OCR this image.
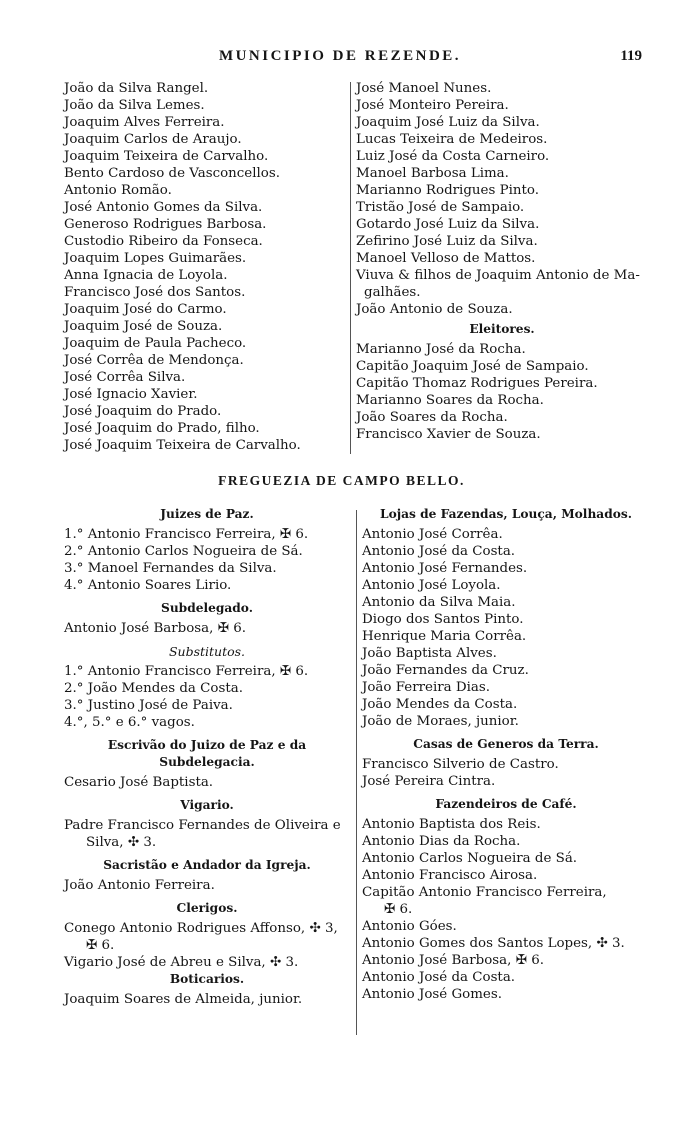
MUNICIPIO DE REZENDE.	119
João da Silva Rangel.
João da Silva Lemes.
Joaquim Alves Ferreira.
Joaquim Carlos de Araujo.
Joaquim Teixeira de Carvalho.
Bento Cardoso de Vasconcellos.
Antonio Romão.
José Antonio Gomes da Silva.
Generoso Rodrigues Barbosa.
Custodio Ribeiro da Fonseca.
Joaquim Lopes Guimarães.
Anna Ignacia de Loyola.
Francisco José dos Santos.
Joaquim José do Carmo.
Joaquim José de Souza.
Joaquim de Paula Pacheco.
José Corrêa de Mendonça.
José Corrêa Silva.
José Ignacio Xavier.
José Joaquim do Prado.
José Joaquim do Prado, filho.
José Joaquim Teixeira de Carvalho.
José Manoel Nunes.
José Monteiro Pereira.
Joaquim José Luiz da Silva.
Lucas Teixeira de Medeiros.
Luiz José da Costa Carneiro.
Manoel Barbosa Lima.
Marianno Rodrigues Pinto.
Tristão José de Sampaio.
Gotardo José Luiz da Silva.
Zefirino José Luiz da Silva.
Manoel Velloso de Mattos.
Viuva & filhos de Joaquim Antonio de Ma-
galhães.
João Antonio de Souza.
Eleitores.
Marianno José da Rocha.
Capitão Joaquim José de Sampaio.
Capitão Thomaz Rodrigues Pereira.
Marianno Soares da Rocha.
João Soares da Rocha.
Francisco Xavier de Souza.
FREGUEZIA DE CAMPO BELLO.
Juizes de Paz.
1.° Antonio Francisco Ferreira, ✠ 6.
2.° Antonio Carlos Nogueira de Sá.
3.° Manoel Fernandes da Silva.
4.° Antonio Soares Lirio.
Subdelegado.
Antonio José Barbosa, ✠ 6.
Substitutos.
1.° Antonio Francisco Ferreira, ✠ 6.
2.° João Mendes da Costa.
3.° Justino José de Paiva.
4.°, 5.° e 6.° vagos.
Escrivão do Juizo de Paz e da Subdelegacia.
Cesario José Baptista.
Vigario.
Padre Francisco Fernandes de Oliveira e Silva, ✣ 3.
Sacristão e Andador da Igreja.
João Antonio Ferreira.
Clerigos.
Conego Antonio Rodrigues Affonso, ✣ 3, ✠ 6.
Vigario José de Abreu e Silva, ✣ 3.
Boticarios.
Joaquim Soares de Almeida, junior.
Lojas de Fazendas, Louça, Molhados.
Antonio José Corrêa.
Antonio José da Costa.
Antonio José Fernandes.
Antonio José Loyola.
Antonio da Silva Maia.
Diogo dos Santos Pinto.
Henrique Maria Corrêa.
João Baptista Alves.
João Fernandes da Cruz.
João Ferreira Dias.
João Mendes da Costa.
João de Moraes, junior.
Casas de Generos da Terra.
Francisco Silverio de Castro.
José Pereira Cintra.
Fazendeiros de Café.
Antonio Baptista dos Reis.
Antonio Dias da Rocha.
Antonio Carlos Nogueira de Sá.
Antonio Francisco Airosa.
Capitão Antonio Francisco Ferreira,
✠ 6.
Antonio Góes.
Antonio Gomes dos Santos Lopes, ✣ 3.
Antonio José Barbosa, ✠ 6.
Antonio José da Costa.
Antonio José Gomes.
